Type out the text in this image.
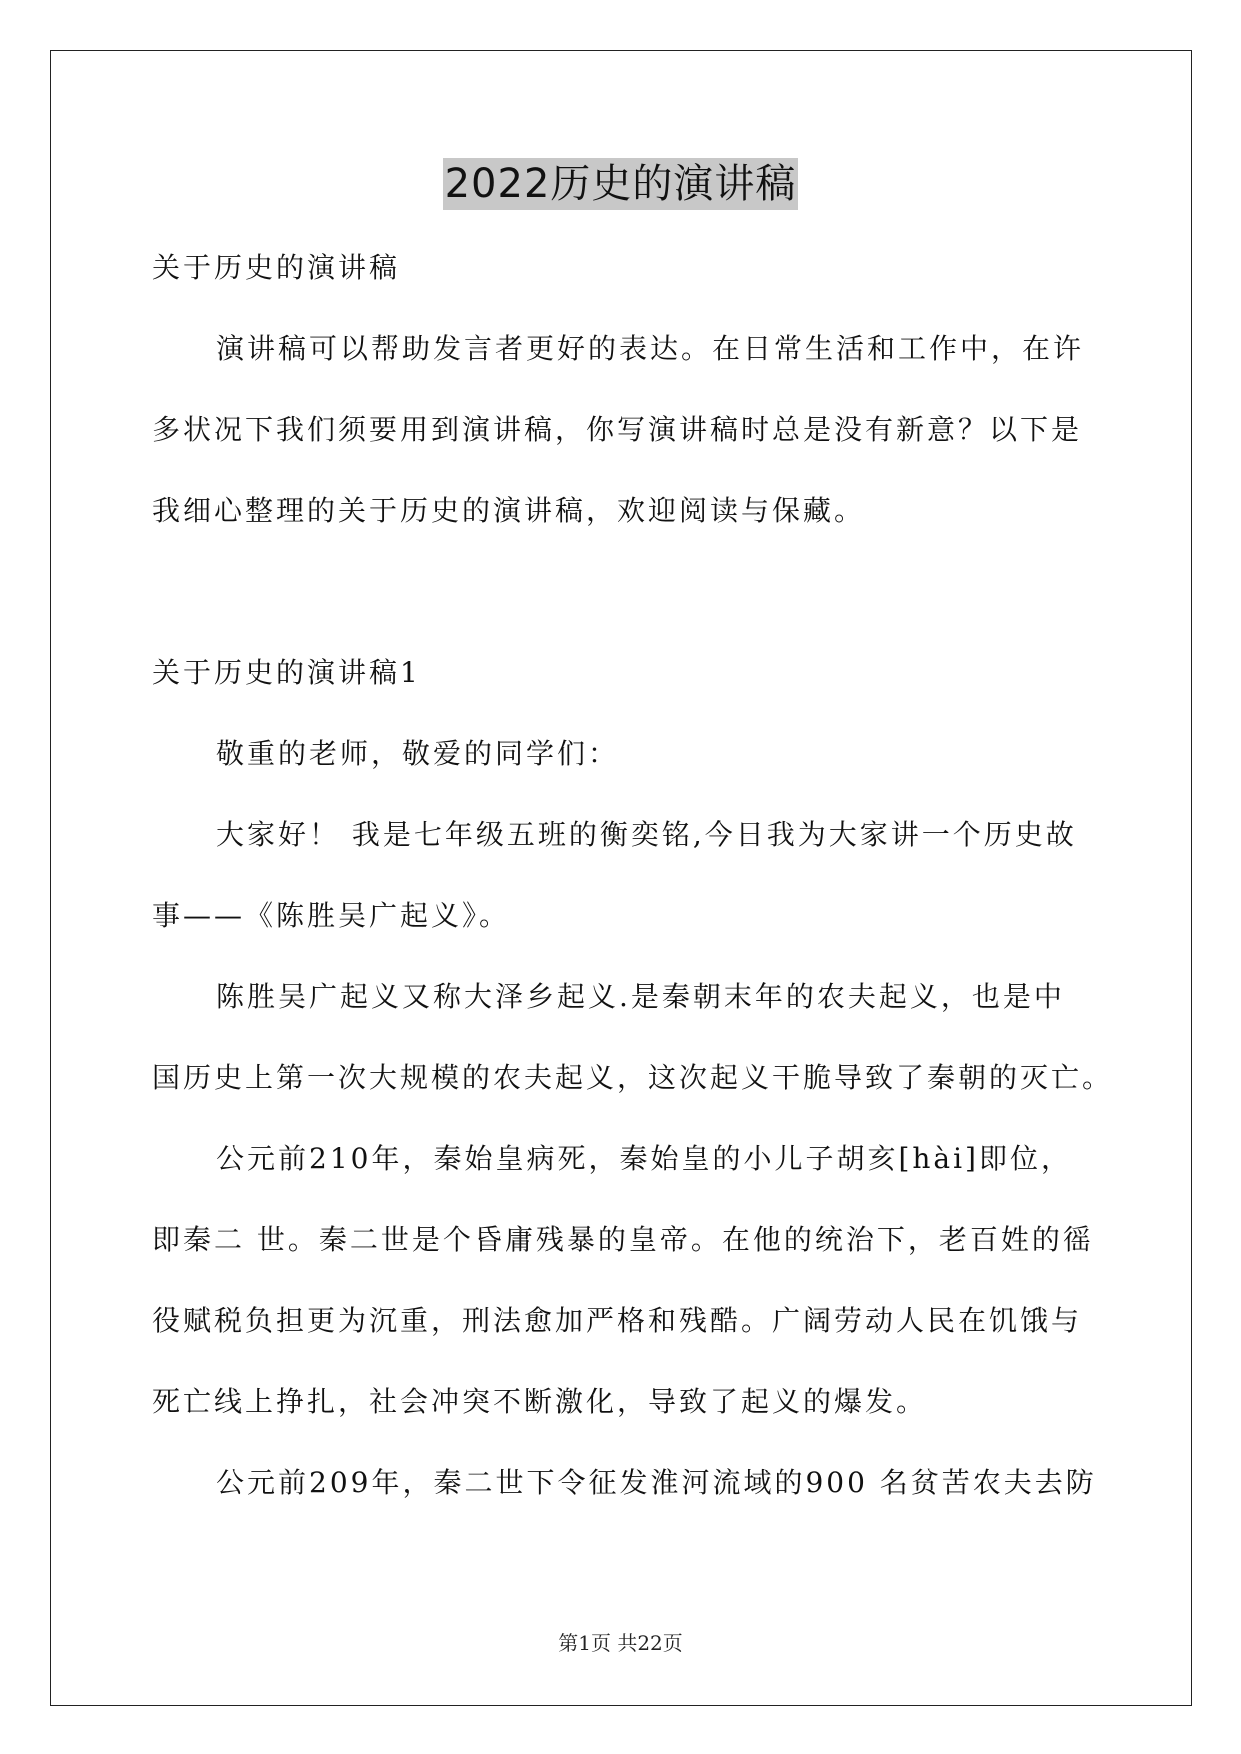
2022历史的演讲稿
关于历史的演讲稿
演讲稿可以帮助发言者更好的表达。在日常生活和工作中，在许
多状况下我们须要用到演讲稿，你写演讲稿时总是没有新意？以下是
我细心整理的关于历史的演讲稿，欢迎阅读与保藏。
关于历史的演讲稿1
敬重的老师，敬爱的同学们：
大家好！ 我是七年级五班的衡奕铭,今日我为大家讲一个历史故
事——《陈胜吴广起义》。
陈胜吴广起义又称大泽乡起义.是秦朝末年的农夫起义，也是中
国历史上第一次大规模的农夫起义，这次起义干脆导致了秦朝的灭亡。
公元前210年，秦始皇病死，秦始皇的小儿子胡亥[hài]即位，
即秦二 世。秦二世是个昏庸残暴的皇帝。在他的统治下，老百姓的徭
役赋税负担更为沉重，刑法愈加严格和残酷。广阔劳动人民在饥饿与
死亡线上挣扎，社会冲突不断激化，导致了起义的爆发。
公元前209年，秦二世下令征发淮河流域的900 名贫苦农夫去防
第1页 共22页
